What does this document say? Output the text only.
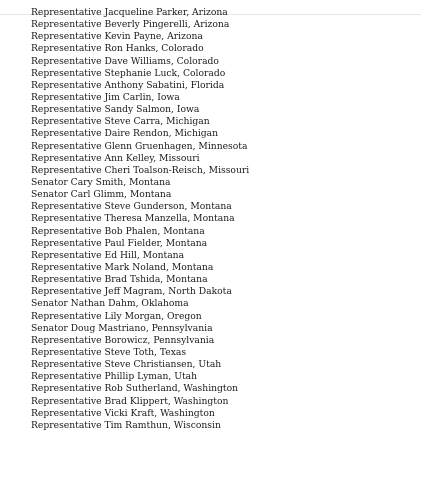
Representative Jacqueline Parker, Arizona
Representative Beverly Pingerelli, Arizona
Representative Kevin Payne, Arizona
Representative Ron Hanks, Colorado
Representative Dave Williams, Colorado
Representative Stephanie Luck, Colorado
Representative Anthony Sabatini, Florida
Representative Jim Carlin, Iowa
Representative Sandy Salmon, Iowa
Representative Steve Carra, Michigan
Representative Daire Rendon, Michigan
Representative Glenn Gruenhagen, Minnesota
Representative Ann Kelley, Missouri
Representative Cheri Toalson-Reisch, Missouri
Senator Cary Smith, Montana
Senator Carl Glimm, Montana
Representative Steve Gunderson, Montana
Representative Theresa Manzella, Montana
Representative Bob Phalen, Montana
Representative Paul Fielder, Montana
Representative Ed Hill, Montana
Representative Mark Noland, Montana
Representative Brad Tshida, Montana
Representative Jeff Magram, North Dakota
Senator Nathan Dahm, Oklahoma
Representative Lily Morgan, Oregon
Senator Doug Mastriano, Pennsylvania
Representative Borowicz, Pennsylvania
Representative Steve Toth, Texas
Representative Steve Christiansen, Utah
Representative Phillip Lyman, Utah
Representative Rob Sutherland, Washington
Representative Brad Klippert, Washington
Representative Vicki Kraft, Washington
Representative Tim Ramthun, Wisconsin
